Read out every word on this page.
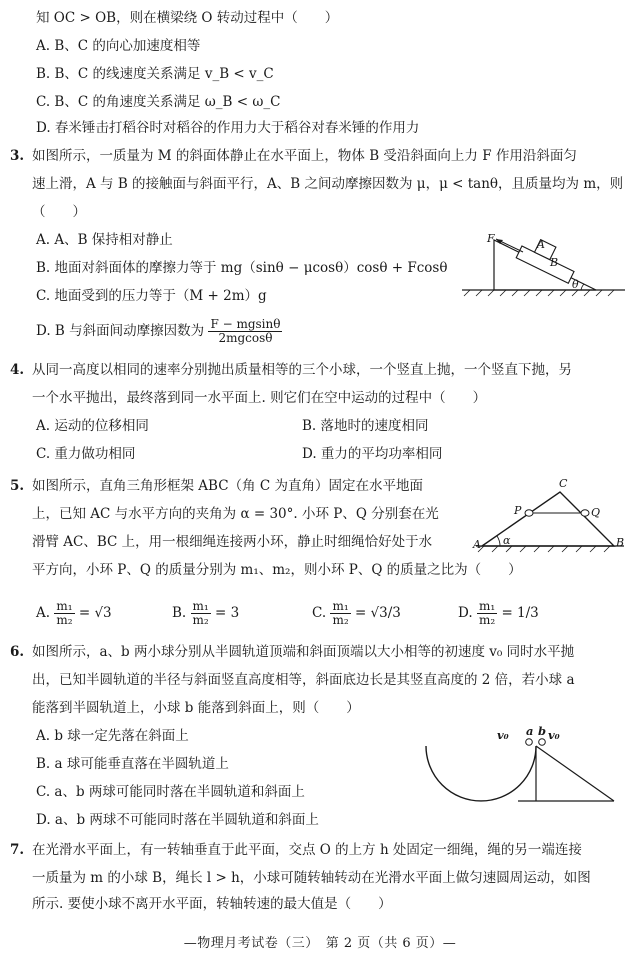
知 OC > OB，则在横梁绕 O 转动过程中（　　）
A. B、C 的向心加速度相等
B. B、C 的线速度关系满足 v_B < v_C
C. B、C 的角速度关系满足 ω_B < ω_C
D. 春米锤击打稻谷时对稻谷的作用力大于稻谷对春米锤的作用力
3. 如图所示，一质量为 M 的斜面体静止在水平面上，物体 B 受沿斜面向上力 F 作用沿斜面匀
速上滑，A 与 B 的接触面与斜面平行，A、B 之间动摩擦因数为 μ，μ < tanθ，且质量均为 m，则
（　　）
A. A、B 保持相对静止
B. 地面对斜面体的摩擦力等于 mg（sinθ − μcosθ）cosθ + Fcosθ
C. 地面受到的压力等于（M + 2m）g
D. B 与斜面间动摩擦因数为 $\frac{F - mgsin\theta}{2mgcos\theta}$
F	A
B
θ
4. 从同一高度以相同的速率分别抛出质量相等的三个小球，一个竖直上抛，一个竖直下抛，另
一个水平抛出，最终落到同一水平面上. 则它们在空中运动的过程中（　　）
A. 运动的位移相同	B. 落地时的速度相同
C. 重力做功相同	D. 重力的平均功率相同
5. 如图所示，直角三角形框架 ABC（角 C 为直角）固定在水平地面
上，已知 AC 与水平方向的夹角为 α = 30°. 小环 P、Q 分别套在光
滑臂 AC、BC 上，用一根细绳连接两小环，静止时细绳恰好处于水
平方向，小环 P、Q 的质量分别为 m₁、m₂，则小环 P、Q 的质量之比为（　　）
A. $\frac{\text{m₁}}{\text{m₂}} = √3$	B. $\frac{\text{m₁}}{\text{m₂}} = 3$	C. $\frac{\text{m₁}}{\text{m₂}} = √3/3$	D. $\frac{\text{m₁}}{\text{m₂}} = 1/3$
C
P	Q
A	B
α
6. 如图所示，a、b 两小球分别从半圆轨道顶端和斜面顶端以大小相等的初速度 v₀ 同时水平抛
出，已知半圆轨道的半径与斜面竖直高度相等，斜面底边长是其竖直高度的 2 倍，若小球 a
能落到半圆轨道上，小球 b 能落到斜面上，则（　　）
A. b 球一定先落在斜面上
B. a 球可能垂直落在半圆轨道上
C. a、b 两球可能同时落在半圆轨道和斜面上
D. a、b 两球不可能同时落在半圆轨道和斜面上
v₀ a b v₀
7. 在光滑水平面上，有一转轴垂直于此平面，交点 O 的上方 h 处固定一细绳，绳的另一端连接
一质量为 m 的小球 B，绳长 l > h，小球可随转轴转动在光滑水平面上做匀速圆周运动，如图
所示. 要使小球不离开水平面，转轴转速的最大值是（　　）
—物理月考试卷（三）　第 2 页（共 6 页）—
